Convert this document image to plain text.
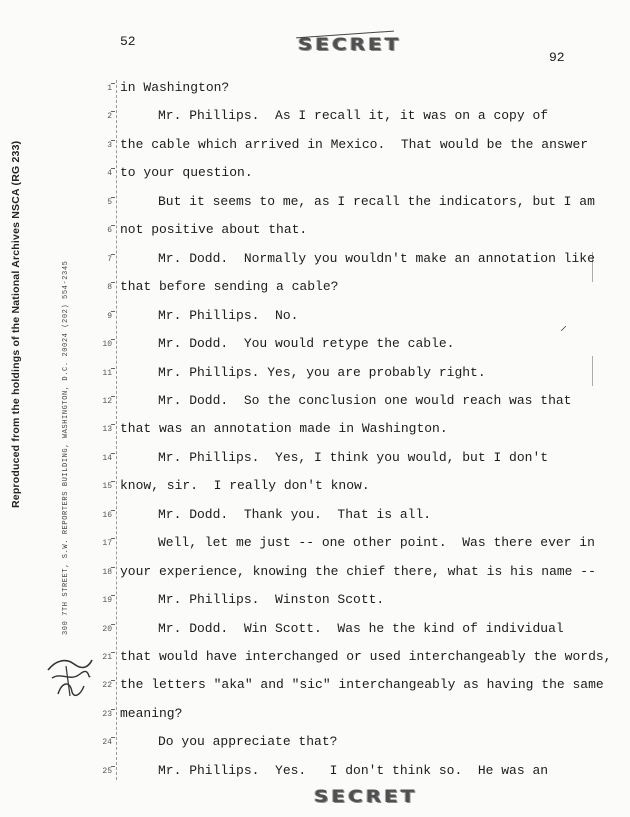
Reproduced from the holdings of the National Archives NSCA (RG 233)	300 7TH STREET, S.W. REPORTERS BUILDING, WASHINGTON, D.C. 20024 (202) 554-2345
52
92
SECRET
SECRET
⸝
1 in Washington?
2	Mr. Phillips.  As I recall it, it was on a copy of
3 the cable which arrived in Mexico.  That would be the answer
4 to your question.
5	But it seems to me, as I recall the indicators, but I am
6 not positive about that.
7	Mr. Dodd.  Normally you wouldn't make an annotation like
8 that before sending a cable?
9	Mr. Phillips.  No.
10	Mr. Dodd.  You would retype the cable.
11	Mr. Phillips. Yes, you are probably right.
12	Mr. Dodd.  So the conclusion one would reach was that
13 that was an annotation made in Washington.
14	Mr. Phillips.  Yes, I think you would, but I don't
15 know, sir.  I really don't know.
16	Mr. Dodd.  Thank you.  That is all.
17	Well, let me just -- one other point.  Was there ever in
18 your experience, knowing the chief there, what is his name --
19	Mr. Phillips.  Winston Scott.
20	Mr. Dodd.  Win Scott.  Was he the kind of individual
21 that would have interchanged or used interchangeably the words,
22 the letters "aka" and "sic" interchangeably as having the same
23 meaning?
24	Do you appreciate that?
25	Mr. Phillips.  Yes.   I don't think so.  He was an
